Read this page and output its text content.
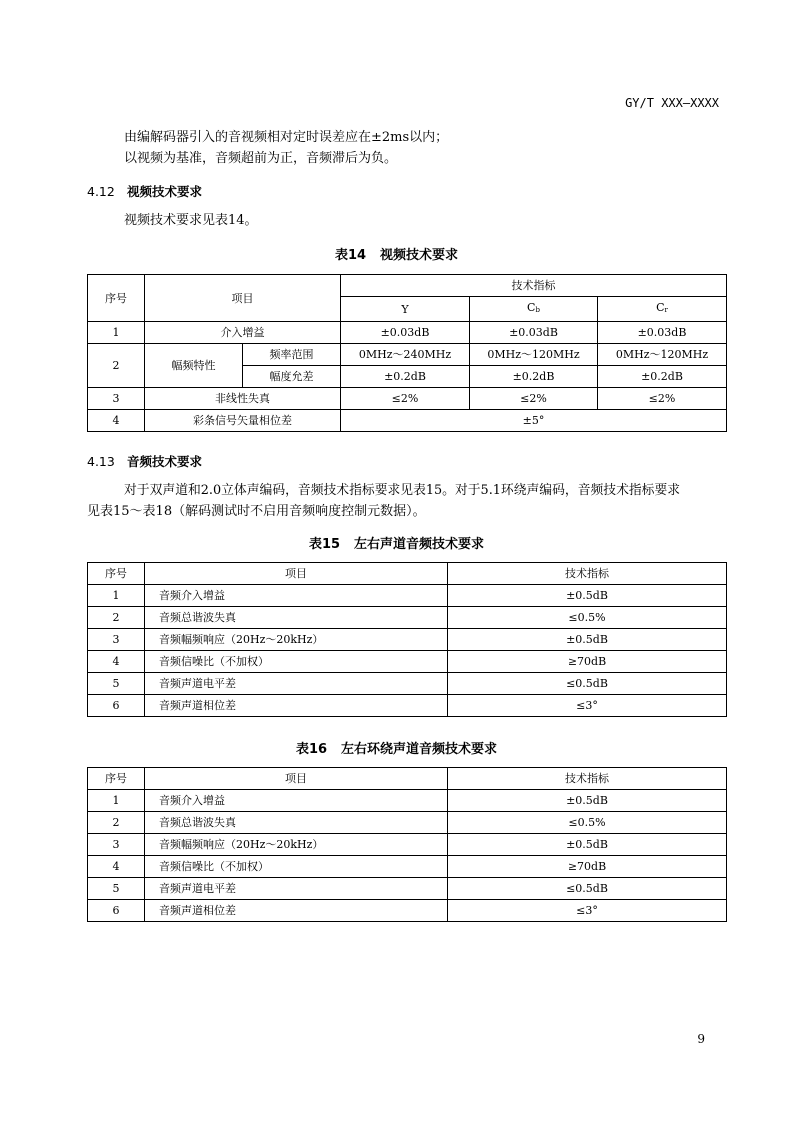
GY/T XXX—XXXX
由编解码器引入的音视频相对定时误差应在±2ms以内；
以视频为基准，音频超前为正，音频滞后为负。
4.12 视频技术要求
视频技术要求见表14。
表14 视频技术要求
序号	项目		技术指标		
			Y	$C_b$	$C_r$
1	介入增益		±0.03dB	±0.03dB	±0.03dB
2	幅频特性	频率范围	0MHz～240MHz	0MHz～120MHz	0MHz～120MHz
		幅度允差	±0.2dB	±0.2dB	±0.2dB
3	非线性失真		≤2%	≤2%	≤2%
4	彩条信号矢量相位差		±5°		
4.13 音频技术要求
对于双声道和2.0立体声编码，音频技术指标要求见表15。对于5.1环绕声编码，音频技术指标要求
见表15～表18（解码测试时不启用音频响度控制元数据）。
表15 左右声道音频技术要求
序号	项目	技术指标
1	音频介入增益	±0.5dB
2	音频总谐波失真	≤0.5%
3	音频幅频响应（20Hz～20kHz）	±0.5dB
4	音频信噪比（不加权）	≥70dB
5	音频声道电平差	≤0.5dB
6	音频声道相位差	≤3°
表16 左右环绕声道音频技术要求
序号	项目	技术指标
1	音频介入增益	±0.5dB
2	音频总谐波失真	≤0.5%
3	音频幅频响应（20Hz～20kHz）	±0.5dB
4	音频信噪比（不加权）	≥70dB
5	音频声道电平差	≤0.5dB
6	音频声道相位差	≤3°
9
